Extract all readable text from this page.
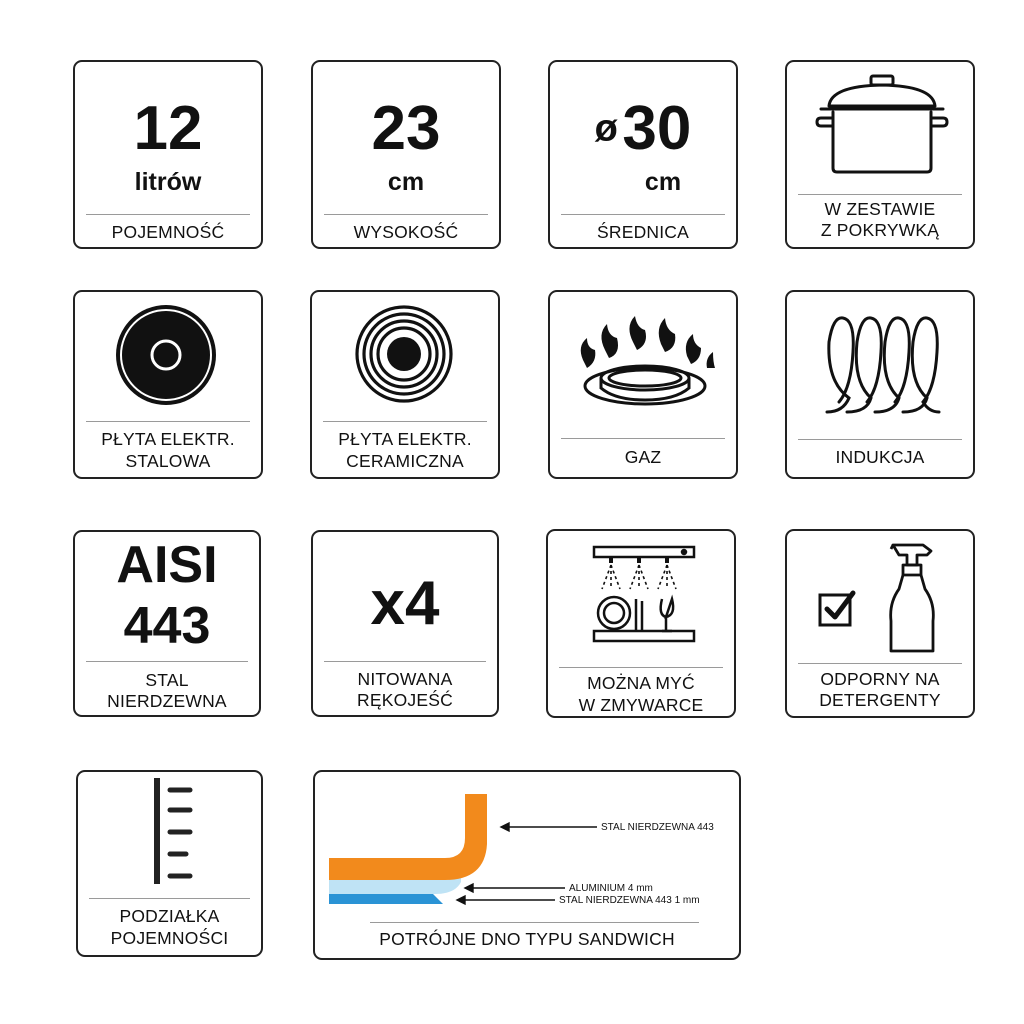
12
litrów
POJEMNOŚĆ
23
cm
WYSOKOŚĆ
ø 30
cm
ŚREDNICA
W ZESTAWIE
Z POKRYWKĄ
PŁYTA ELEKTR.
STALOWA
PŁYTA ELEKTR.
CERAMICZNA	GAZ	INDUKCJA
AISI
443
STAL
NIERDZEWNA
x4
NITOWANA
RĘKOJEŚĆ
MOŻNA MYĆ
W ZMYWARCE
ODPORNY NA
DETERGENTY
PODZIAŁKA
POJEMNOŚCI
STAL NIERDZEWNA 443
ALUMINIUM 4 mm
STAL NIERDZEWNA 443 1 mm
POTRÓJNE DNO TYPU SANDWICH
